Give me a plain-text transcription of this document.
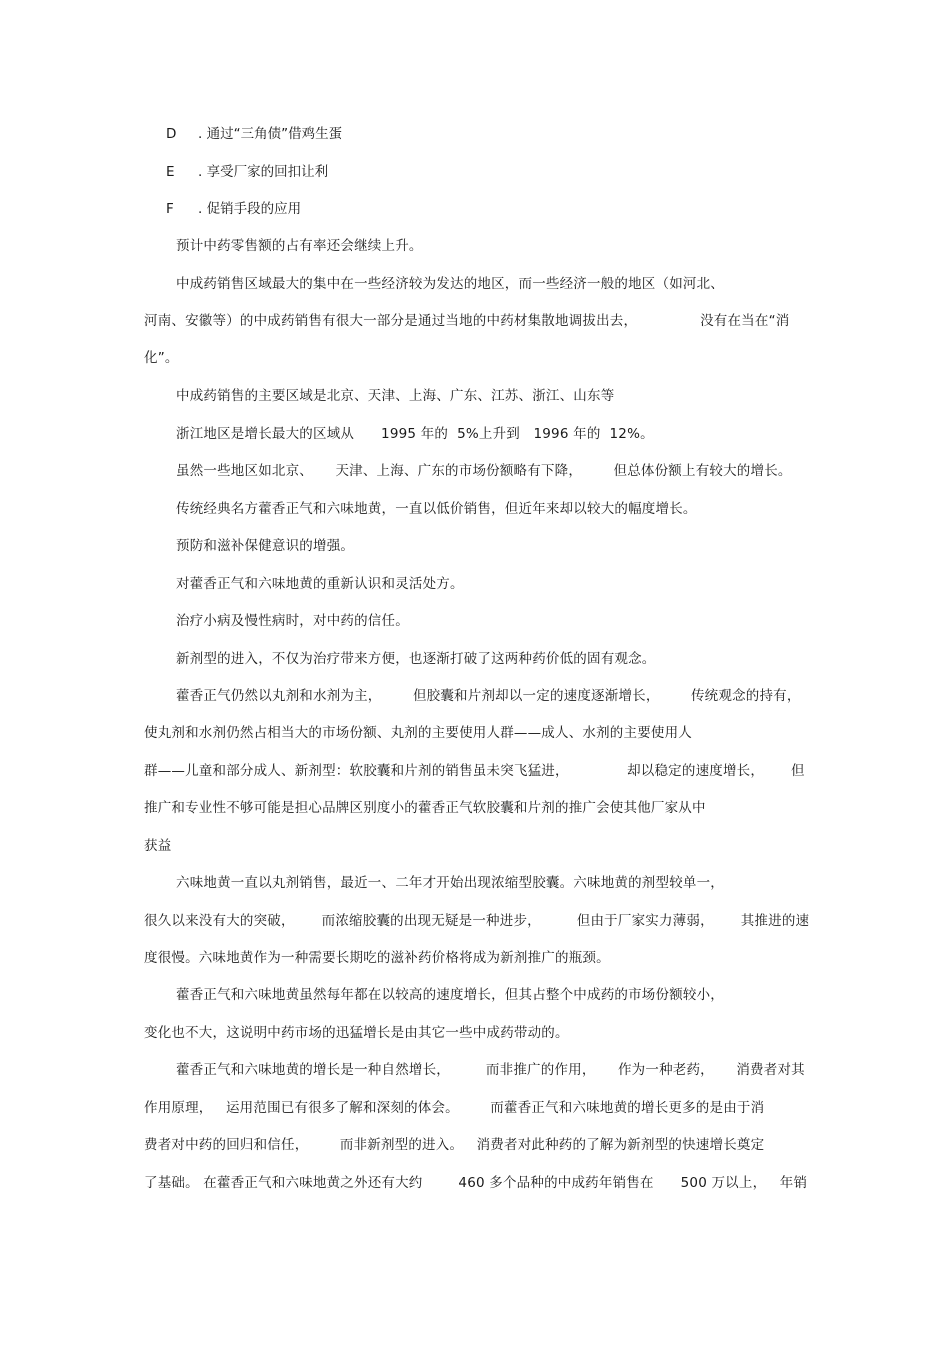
D . 通过“三角债”借鸡生蛋
E . 享受厂家的回扣让利
F . 促销手段的应用
预计中药零售额的占有率还会继续上升。
中成药销售区域最大的集中在一些经济较为发达的地区，而一些经济一般的地区（如河北、
河南、安徽等）的中成药销售有很大一部分是通过当地的中药材集散地调拔出去，              没有在当在“消
化”。
中成药销售的主要区域是北京、天津、上海、广东、江苏、浙江、山东等
浙江地区是增长最大的区域从      1995 年的  5%上升到   1996 年的  12%。
虽然一些地区如北京、     天津、上海、广东的市场份额略有下降，       但总体份额上有较大的增长。
传统经典名方藿香正气和六味地黄，一直以低价销售，但近年来却以较大的幅度增长。
预防和滋补保健意识的增强。
对藿香正气和六味地黄的重新认识和灵活处方。
治疗小病及慢性病时，对中药的信任。
新剂型的进入，不仅为治疗带来方便，也逐渐打破了这两种药价低的固有观念。
藿香正气仍然以丸剂和水剂为主，       但胶囊和片剂却以一定的速度逐渐增长，       传统观念的持有，
使丸剂和水剂仍然占相当大的市场份额、丸剂的主要使用人群——成人、水剂的主要使用人
群——儿童和部分成人、新剂型：软胶囊和片剂的销售虽未突飞猛进，             却以稳定的速度增长，      但
推广和专业性不够可能是担心品牌区别度小的藿香正气软胶囊和片剂的推广会使其他厂家从中
获益
六味地黄一直以丸剂销售，最近一、二年才开始出现浓缩型胶囊。六味地黄的剂型较单一，
很久以来没有大的突破，      而浓缩胶囊的出现无疑是一种进步，        但由于厂家实力薄弱，      其推进的速
度很慢。六味地黄作为一种需要长期吃的滋补药价格将成为新剂推广的瓶颈。
藿香正气和六味地黄虽然每年都在以较高的速度增长，但其占整个中成药的市场份额较小，
变化也不大，这说明中药市场的迅猛增长是由其它一些中成药带动的。
藿香正气和六味地黄的增长是一种自然增长，        而非推广的作用，     作为一种老药，     消费者对其
作用原理，   运用范围已有很多了解和深刻的体会。       而藿香正气和六味地黄的增长更多的是由于消
费者对中药的回归和信任，       而非新剂型的进入。   消费者对此种药的了解为新剂型的快速增长奠定
了基础。 在藿香正气和六味地黄之外还有大约        460 多个品种的中成药年销售在      500 万以上，   年销
